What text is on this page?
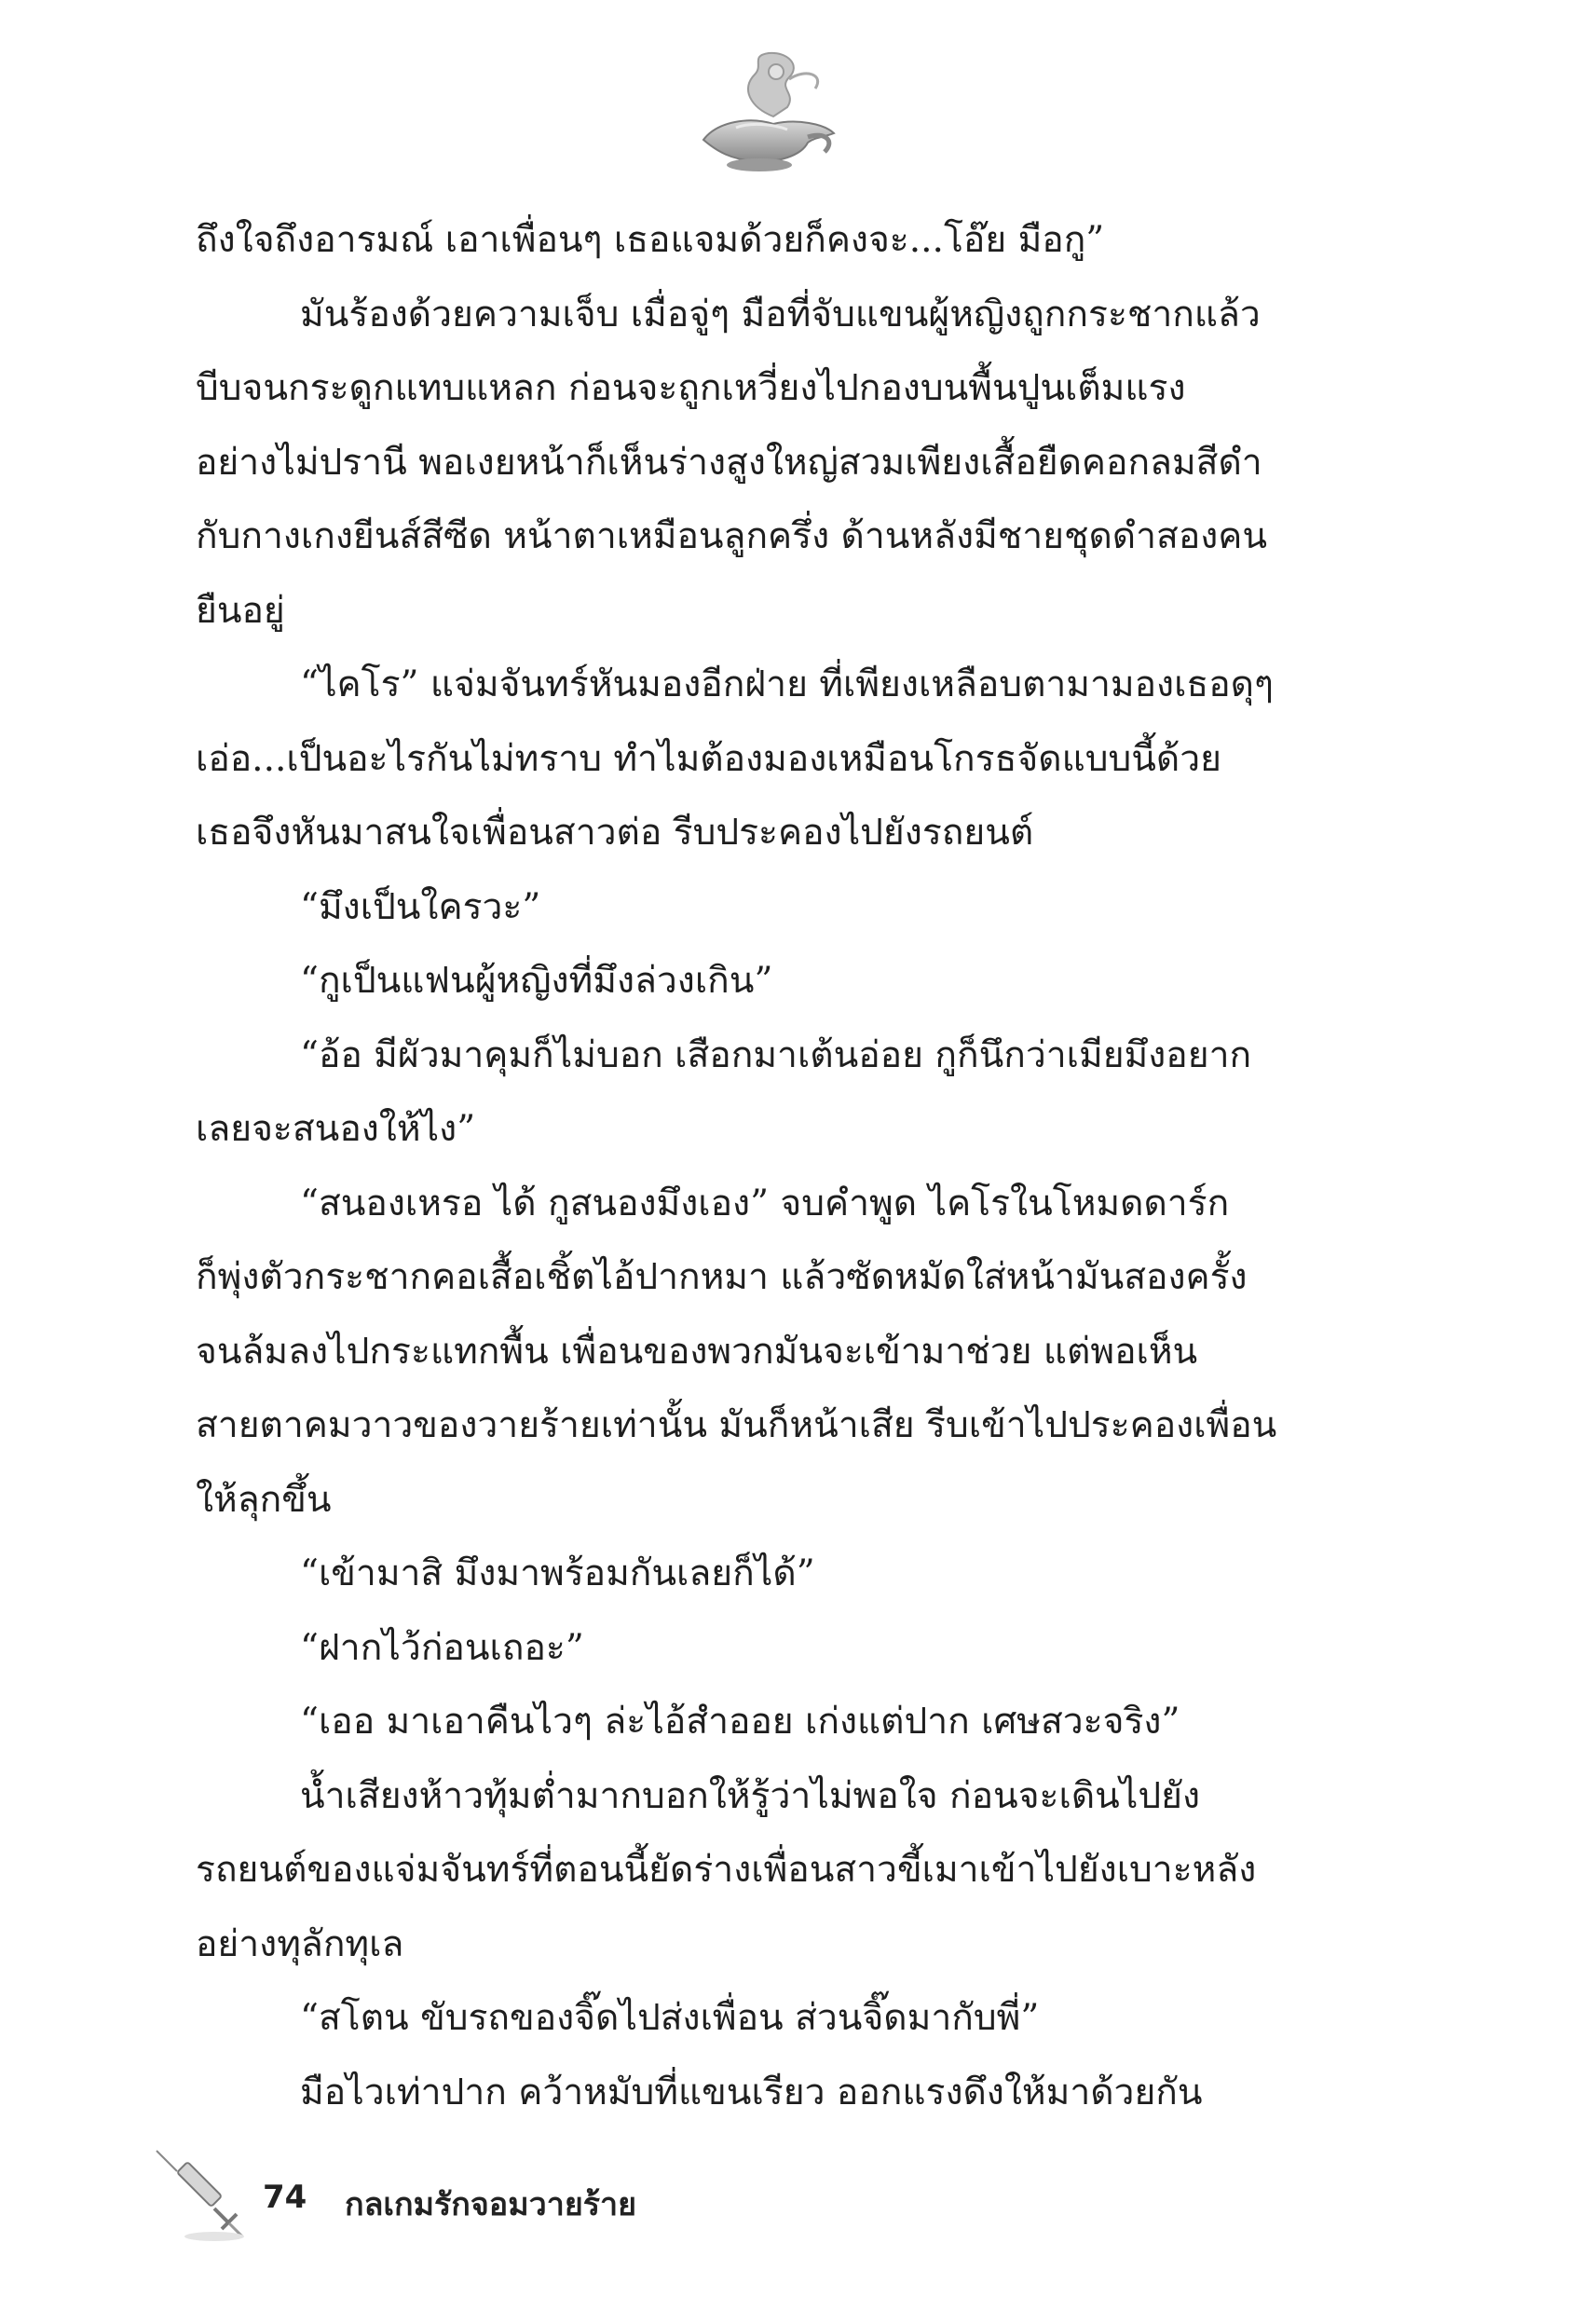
ถึงใจถึงอารมณ์ เอาเพื่อนๆ เธอแจมด้วยก็คงจะ...โอ๊ย มือกู”
มันร้องด้วยความเจ็บ เมื่อจู่ๆ มือที่จับแขนผู้หญิงถูกกระชากแล้ว
บีบจนกระดูกแทบแหลก ก่อนจะถูกเหวี่ยงไปกองบนพื้นปูนเต็มแรง
อย่างไม่ปรานี พอเงยหน้าก็เห็นร่างสูงใหญ่สวมเพียงเสื้อยืดคอกลมสีดำ
กับกางเกงยีนส์สีซีด หน้าตาเหมือนลูกครึ่ง ด้านหลังมีชายชุดดำสองคน
ยืนอยู่
“ไคโร” แจ่มจันทร์หันมองอีกฝ่าย ที่เพียงเหลือบตามามองเธอดุๆ
เอ่อ...เป็นอะไรกันไม่ทราบ ทำไมต้องมองเหมือนโกรธจัดแบบนี้ด้วย
เธอจึงหันมาสนใจเพื่อนสาวต่อ รีบประคองไปยังรถยนต์
“มึงเป็นใครวะ”
“กูเป็นแฟนผู้หญิงที่มึงล่วงเกิน”
“อ้อ มีผัวมาคุมก็ไม่บอก เสือกมาเต้นอ่อย กูก็นึกว่าเมียมึงอยาก
เลยจะสนองให้ไง”
“สนองเหรอ ได้ กูสนองมึงเอง” จบคำพูด ไคโรในโหมดดาร์ก
ก็พุ่งตัวกระชากคอเสื้อเชิ้ตไอ้ปากหมา แล้วซัดหมัดใส่หน้ามันสองครั้ง
จนล้มลงไปกระแทกพื้น เพื่อนของพวกมันจะเข้ามาช่วย แต่พอเห็น
สายตาคมวาวของวายร้ายเท่านั้น มันก็หน้าเสีย รีบเข้าไปประคองเพื่อน
ให้ลุกขึ้น
“เข้ามาสิ มึงมาพร้อมกันเลยก็ได้”
“ฝากไว้ก่อนเถอะ”
“เออ มาเอาคืนไวๆ ล่ะไอ้สำออย เก่งแต่ปาก เศษสวะจริง”
น้ำเสียงห้าวทุ้มต่ำมากบอกให้รู้ว่าไม่พอใจ ก่อนจะเดินไปยัง
รถยนต์ของแจ่มจันทร์ที่ตอนนี้ยัดร่างเพื่อนสาวขี้เมาเข้าไปยังเบาะหลัง
อย่างทุลักทุเล
“สโตน ขับรถของจิ๊ดไปส่งเพื่อน ส่วนจิ๊ดมากับพี่”
มือไวเท่าปาก คว้าหมับที่แขนเรียว ออกแรงดึงให้มาด้วยกัน
74 กลเกมรักจอมวายร้าย
